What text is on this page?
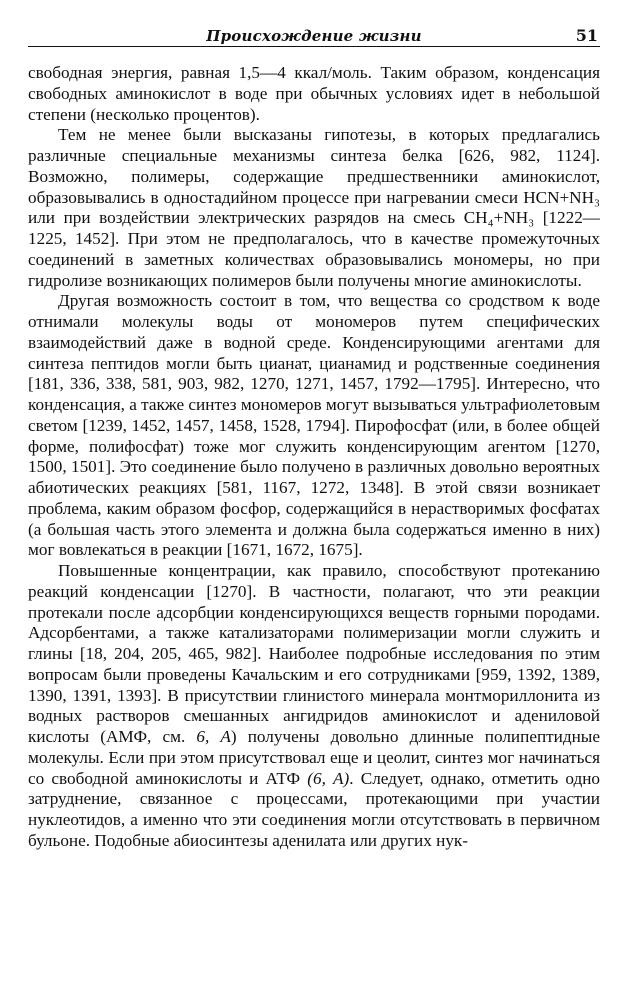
Происхождение жизни	51

свободная энергия, равная 1,5—4 ккал/моль. Таким образом, конденсация свободных аминокислот в воде при обычных условиях идет в небольшой степени (несколько процентов).

Тем не менее были высказаны гипотезы, в которых предлагались различные специальные механизмы синтеза белка [626, 982, 1124]. Возможно, полимеры, содержащие предшественники аминокислот, образовывались в одностадийном процессе при нагревании смеси HCN+NH₃ или при воздействии электрических разрядов на смесь CH₄+NH₃ [1222—1225, 1452]. При этом не предполагалось, что в качестве промежуточных соединений в заметных количествах образовывались мономеры, но при гидролизе возникающих полимеров были получены многие аминокислоты.

Другая возможность состоит в том, что вещества со сродством к воде отнимали молекулы воды от мономеров путем специфических взаимодействий даже в водной среде. Конденсирующими агентами для синтеза пептидов могли быть цианат, цианамид и родственные соединения [181, 336, 338, 581, 903, 982, 1270, 1271, 1457, 1792—1795]. Интересно, что конденсация, а также синтез мономеров могут вызываться ультрафиолетовым светом [1239, 1452, 1457, 1458, 1528, 1794]. Пирофосфат (или, в более общей форме, полифосфат) тоже мог служить конденсирующим агентом [1270, 1500, 1501]. Это соединение было получено в различных довольно вероятных абиотических реакциях [581, 1167, 1272, 1348]. В этой связи возникает проблема, каким образом фосфор, содержащийся в нерастворимых фосфатах (а большая часть этого элемента и должна была содержаться именно в них) мог вовлекаться в реакции [1671, 1672, 1675].

Повышенные концентрации, как правило, способствуют протеканию реакций конденсации [1270]. В частности, полагают, что эти реакции протекали после адсорбции конденсирующихся веществ горными породами. Адсорбентами, а также катализаторами полимеризации могли служить и глины [18, 204, 205, 465, 982]. Наиболее подробные исследования по этим вопросам были проведены Качальским и его сотрудниками [959, 1392, 1389, 1390, 1391, 1393]. В присутствии глинистого минерала монтмориллонита из водных растворов смешанных ангидридов аминокислот и адениловой кислоты (АМФ, см. 6, А) получены довольно длинные полипептидные молекулы. Если при этом присутствовал еще и цеолит, синтез мог начинаться со свободной аминокислоты и АТФ (6, А). Следует, однако, отметить одно затруднение, связанное с процессами, протекающими при участии нуклеотидов, а именно что эти соединения могли отсутствовать в первичном бульоне. Подобные абиосинтезы аденилата или других нук-
